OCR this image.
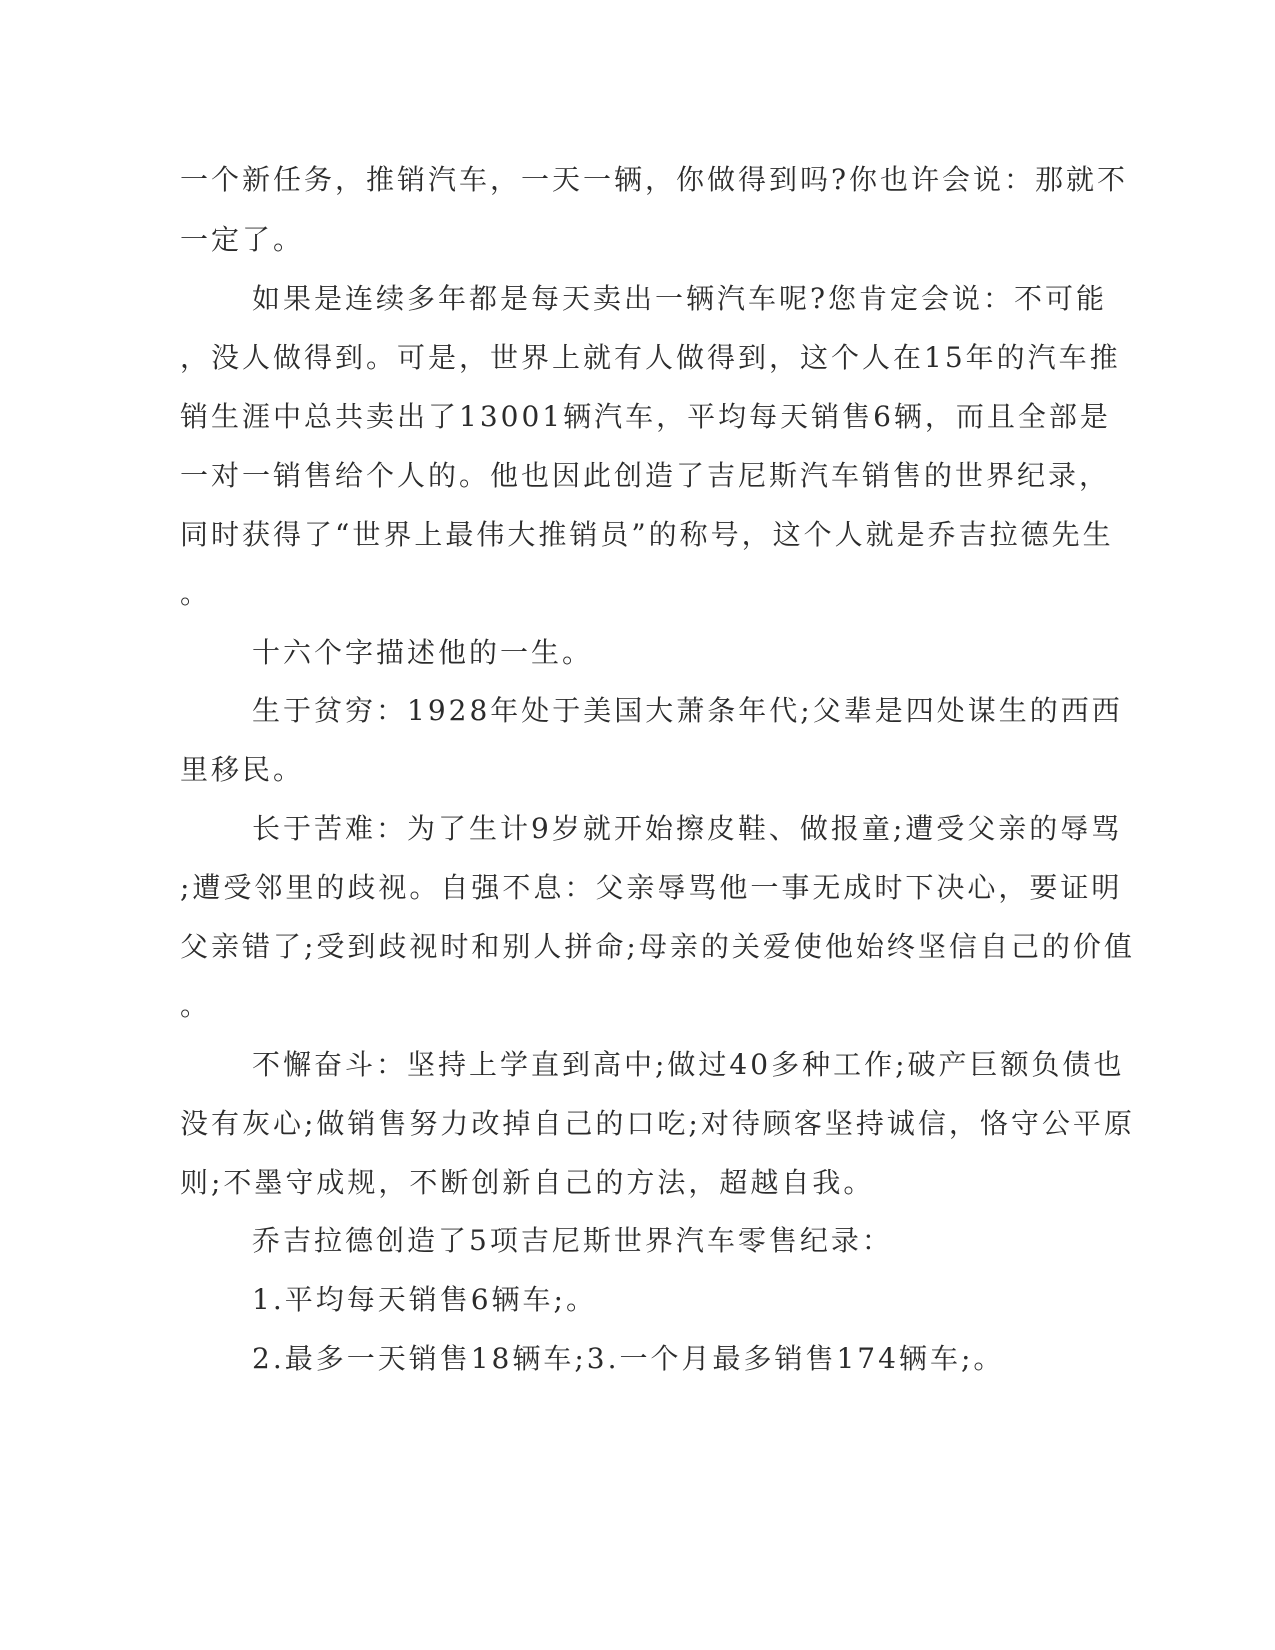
一个新任务，推销汽车，一天一辆，你做得到吗?你也许会说：那就不
一定了。
如果是连续多年都是每天卖出一辆汽车呢?您肯定会说：不可能
，没人做得到。可是，世界上就有人做得到，这个人在15年的汽车推
销生涯中总共卖出了13001辆汽车，平均每天销售6辆，而且全部是
一对一销售给个人的。他也因此创造了吉尼斯汽车销售的世界纪录，
同时获得了“世界上最伟大推销员”的称号，这个人就是乔吉拉德先生
。
十六个字描述他的一生。
生于贫穷：1928年处于美国大萧条年代;父辈是四处谋生的西西
里移民。
长于苦难：为了生计9岁就开始擦皮鞋、做报童;遭受父亲的辱骂
;遭受邻里的歧视。自强不息：父亲辱骂他一事无成时下决心，要证明
父亲错了;受到歧视时和别人拼命;母亲的关爱使他始终坚信自己的价值
。
不懈奋斗：坚持上学直到高中;做过40多种工作;破产巨额负债也
没有灰心;做销售努力改掉自己的口吃;对待顾客坚持诚信，恪守公平原
则;不墨守成规，不断创新自己的方法，超越自我。
乔吉拉德创造了5项吉尼斯世界汽车零售纪录：
1.平均每天销售6辆车;。
2.最多一天销售18辆车;3.一个月最多销售174辆车;。
